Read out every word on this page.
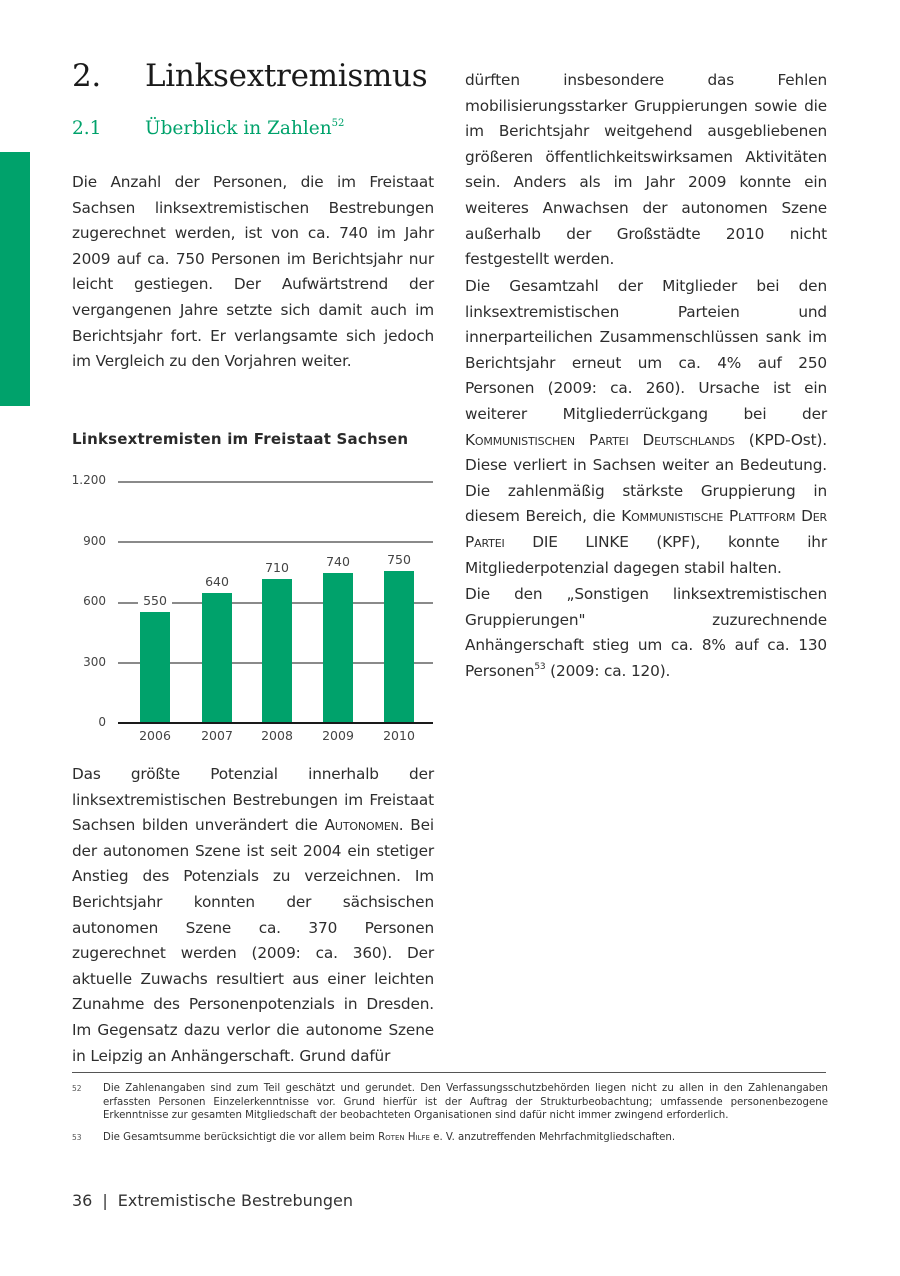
2. Linksextremismus
2.1 Überblick in Zahlen$^{52}$

Die Anzahl der Personen, die im Freistaat Sachsen linksextremistischen Bestrebungen zugerechnet werden, ist von ca. 740 im Jahr 2009 auf ca. 750 Personen im Berichtsjahr nur leicht gestiegen. Der Aufwärtstrend der vergangenen Jahre setzte sich damit auch im Berichtsjahr fort. Er verlangsamte sich jedoch im Vergleich zu den Vorjahren weiter.

Linksextremisten im Freistaat Sachsen
1.200
900
600
300
0
550
2006
640
2007
710
2008
740
2009
750
2010

Das größte Potenzial innerhalb der linksextremistischen Bestrebungen im Freistaat Sachsen bilden unverändert die Autonomen. Bei der autonomen Szene ist seit 2004 ein stetiger Anstieg des Potenzials zu verzeichnen. Im Berichtsjahr konnten der sächsischen autonomen Szene ca. 370 Personen zugerechnet werden (2009: ca. 360). Der aktuelle Zuwachs resultiert aus einer leichten Zunahme des Personenpotenzials in Dresden. Im Gegensatz dazu verlor die autonome Szene in Leipzig an Anhängerschaft. Grund dafür

dürften insbesondere das Fehlen mobilisierungsstarker Gruppierungen sowie die im Berichtsjahr weitgehend ausgebliebenen größeren öffentlichkeitswirksamen Aktivitäten sein. Anders als im Jahr 2009 konnte ein weiteres Anwachsen der autonomen Szene außerhalb der Großstädte 2010 nicht festgestellt werden.

Die Gesamtzahl der Mitglieder bei den linksextremistischen Parteien und innerparteilichen Zusammenschlüssen sank im Berichtsjahr erneut um ca. 4% auf 250 Personen (2009: ca. 260). Ursache ist ein weiterer Mitgliederrückgang bei der Kommunistischen Partei Deutschlands (KPD-Ost). Diese verliert in Sachsen weiter an Bedeutung. Die zahlenmäßig stärkste Gruppierung in diesem Bereich, die Kommunistische Plattform Der Partei DIE LINKE (KPF), konnte ihr Mitgliederpotenzial dagegen stabil halten.

Die den „Sonstigen linksextremistischen Gruppierungen" zuzurechnende Anhängerschaft stieg um ca. 8% auf ca. 130 Personen$^{53}$ (2009: ca. 120).

52 Die Zahlenangaben sind zum Teil geschätzt und gerundet. Den Verfassungsschutzbehörden liegen nicht zu allen in den Zahlenangaben erfassten Personen Einzelerkenntnisse vor. Grund hierfür ist der Auftrag der Strukturbeobachtung; umfassende personenbezogene Erkenntnisse zur gesamten Mitgliedschaft der beobachteten Organisationen sind dafür nicht immer zwingend erforderlich.
53 Die Gesamtsumme berücksichtigt die vor allem beim Roten Hilfe e. V. anzutreffenden Mehrfachmitgliedschaften.
36 | Extremistische Bestrebungen
